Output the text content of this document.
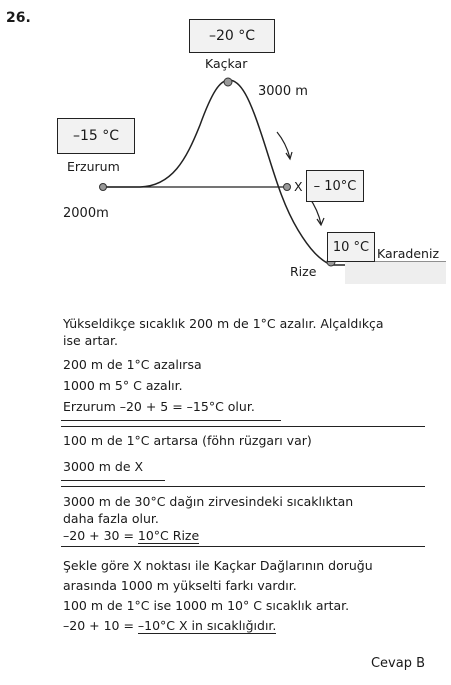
26.
–20 °C
Kaçkar
3000 m
–15 °C
Erzurum
2000m
X – 10°C
10 °C
Rize
Karadeniz
Yükseldikçe sıcaklık 200 m de 1°C azalır. Alçaldıkça
ise artar.
200 m de 1°C azalırsa
1000 m 5° C azalır.
Erzurum –20 + 5 = –15°C olur.
100 m de 1°C artarsa (föhn rüzgarı var)
3000 m de X
3000 m de 30°C dağın zirvesindeki sıcaklıktan
daha fazla olur.
–20 + 30 = 10°C Rize
Şekle göre X noktası ile Kaçkar Dağlarının doruğu
arasında 1000 m yükselti farkı vardır.
100 m de 1°C ise 1000 m 10° C sıcaklık artar.
–20 + 10 = –10°C X in sıcaklığıdır.
Cevap B
